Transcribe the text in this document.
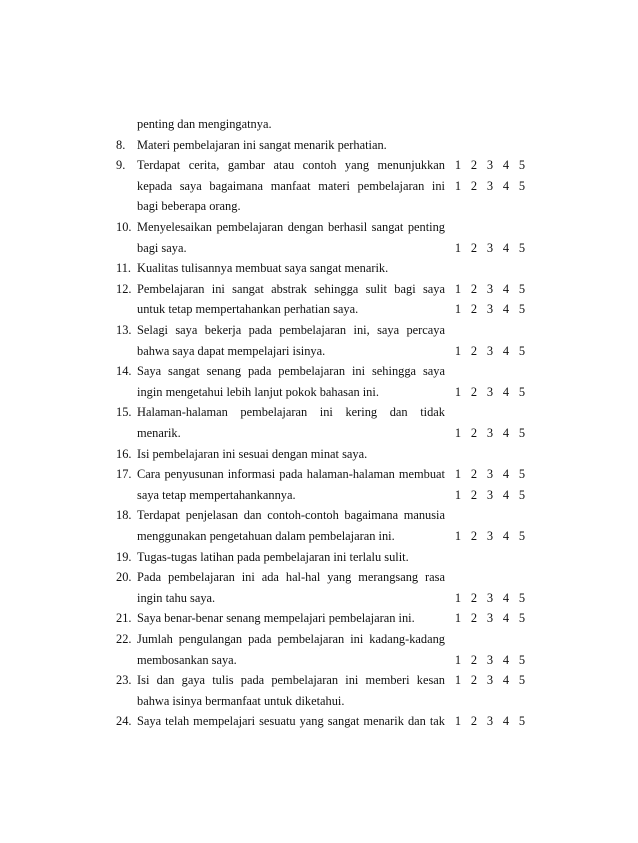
penting dan mengingatnya.
8. Materi pembelajaran ini sangat menarik perhatian.
9. Terdapat cerita, gambar atau contoh yang menunjukkan 1 2 3 4 5
kepada saya bagaimana manfaat materi pembelajaran ini 1 2 3 4 5
bagi beberapa orang.
10. Menyelesaikan pembelajaran dengan berhasil sangat penting
bagi saya.	1 2 3 4 5
11. Kualitas tulisannya membuat saya sangat menarik.
12. Pembelajaran ini sangat abstrak sehingga sulit bagi saya 1 2 3 4 5
untuk tetap mempertahankan perhatian saya.	1 2 3 4 5
13. Selagi saya bekerja pada pembelajaran ini, saya percaya
bahwa saya dapat mempelajari isinya.	1 2 3 4 5
14. Saya sangat senang pada pembelajaran ini sehingga saya
ingin mengetahui lebih lanjut pokok bahasan ini.	1 2 3 4 5
15. Halaman-halaman pembelajaran ini kering dan tidak
menarik.	1 2 3 4 5
16. Isi pembelajaran ini sesuai dengan minat saya.
17. Cara penyusunan informasi pada halaman-halaman membuat 1 2 3 4 5
saya tetap mempertahankannya.	1 2 3 4 5
18. Terdapat penjelasan dan contoh-contoh bagaimana manusia
menggunakan pengetahuan dalam pembelajaran ini.	1 2 3 4 5
19. Tugas-tugas latihan pada pembelajaran ini terlalu sulit.
20. Pada pembelajaran ini ada hal-hal yang merangsang rasa
ingin tahu saya.	1 2 3 4 5
21. Saya benar-benar senang mempelajari pembelajaran ini.	1 2 3 4 5
22. Jumlah pengulangan pada pembelajaran ini kadang-kadang
membosankan saya.	1 2 3 4 5
23. Isi dan gaya tulis pada pembelajaran ini memberi kesan 1 2 3 4 5
bahwa isinya bermanfaat untuk diketahui.
24. Saya telah mempelajari sesuatu yang sangat menarik dan tak 1 2 3 4 5
